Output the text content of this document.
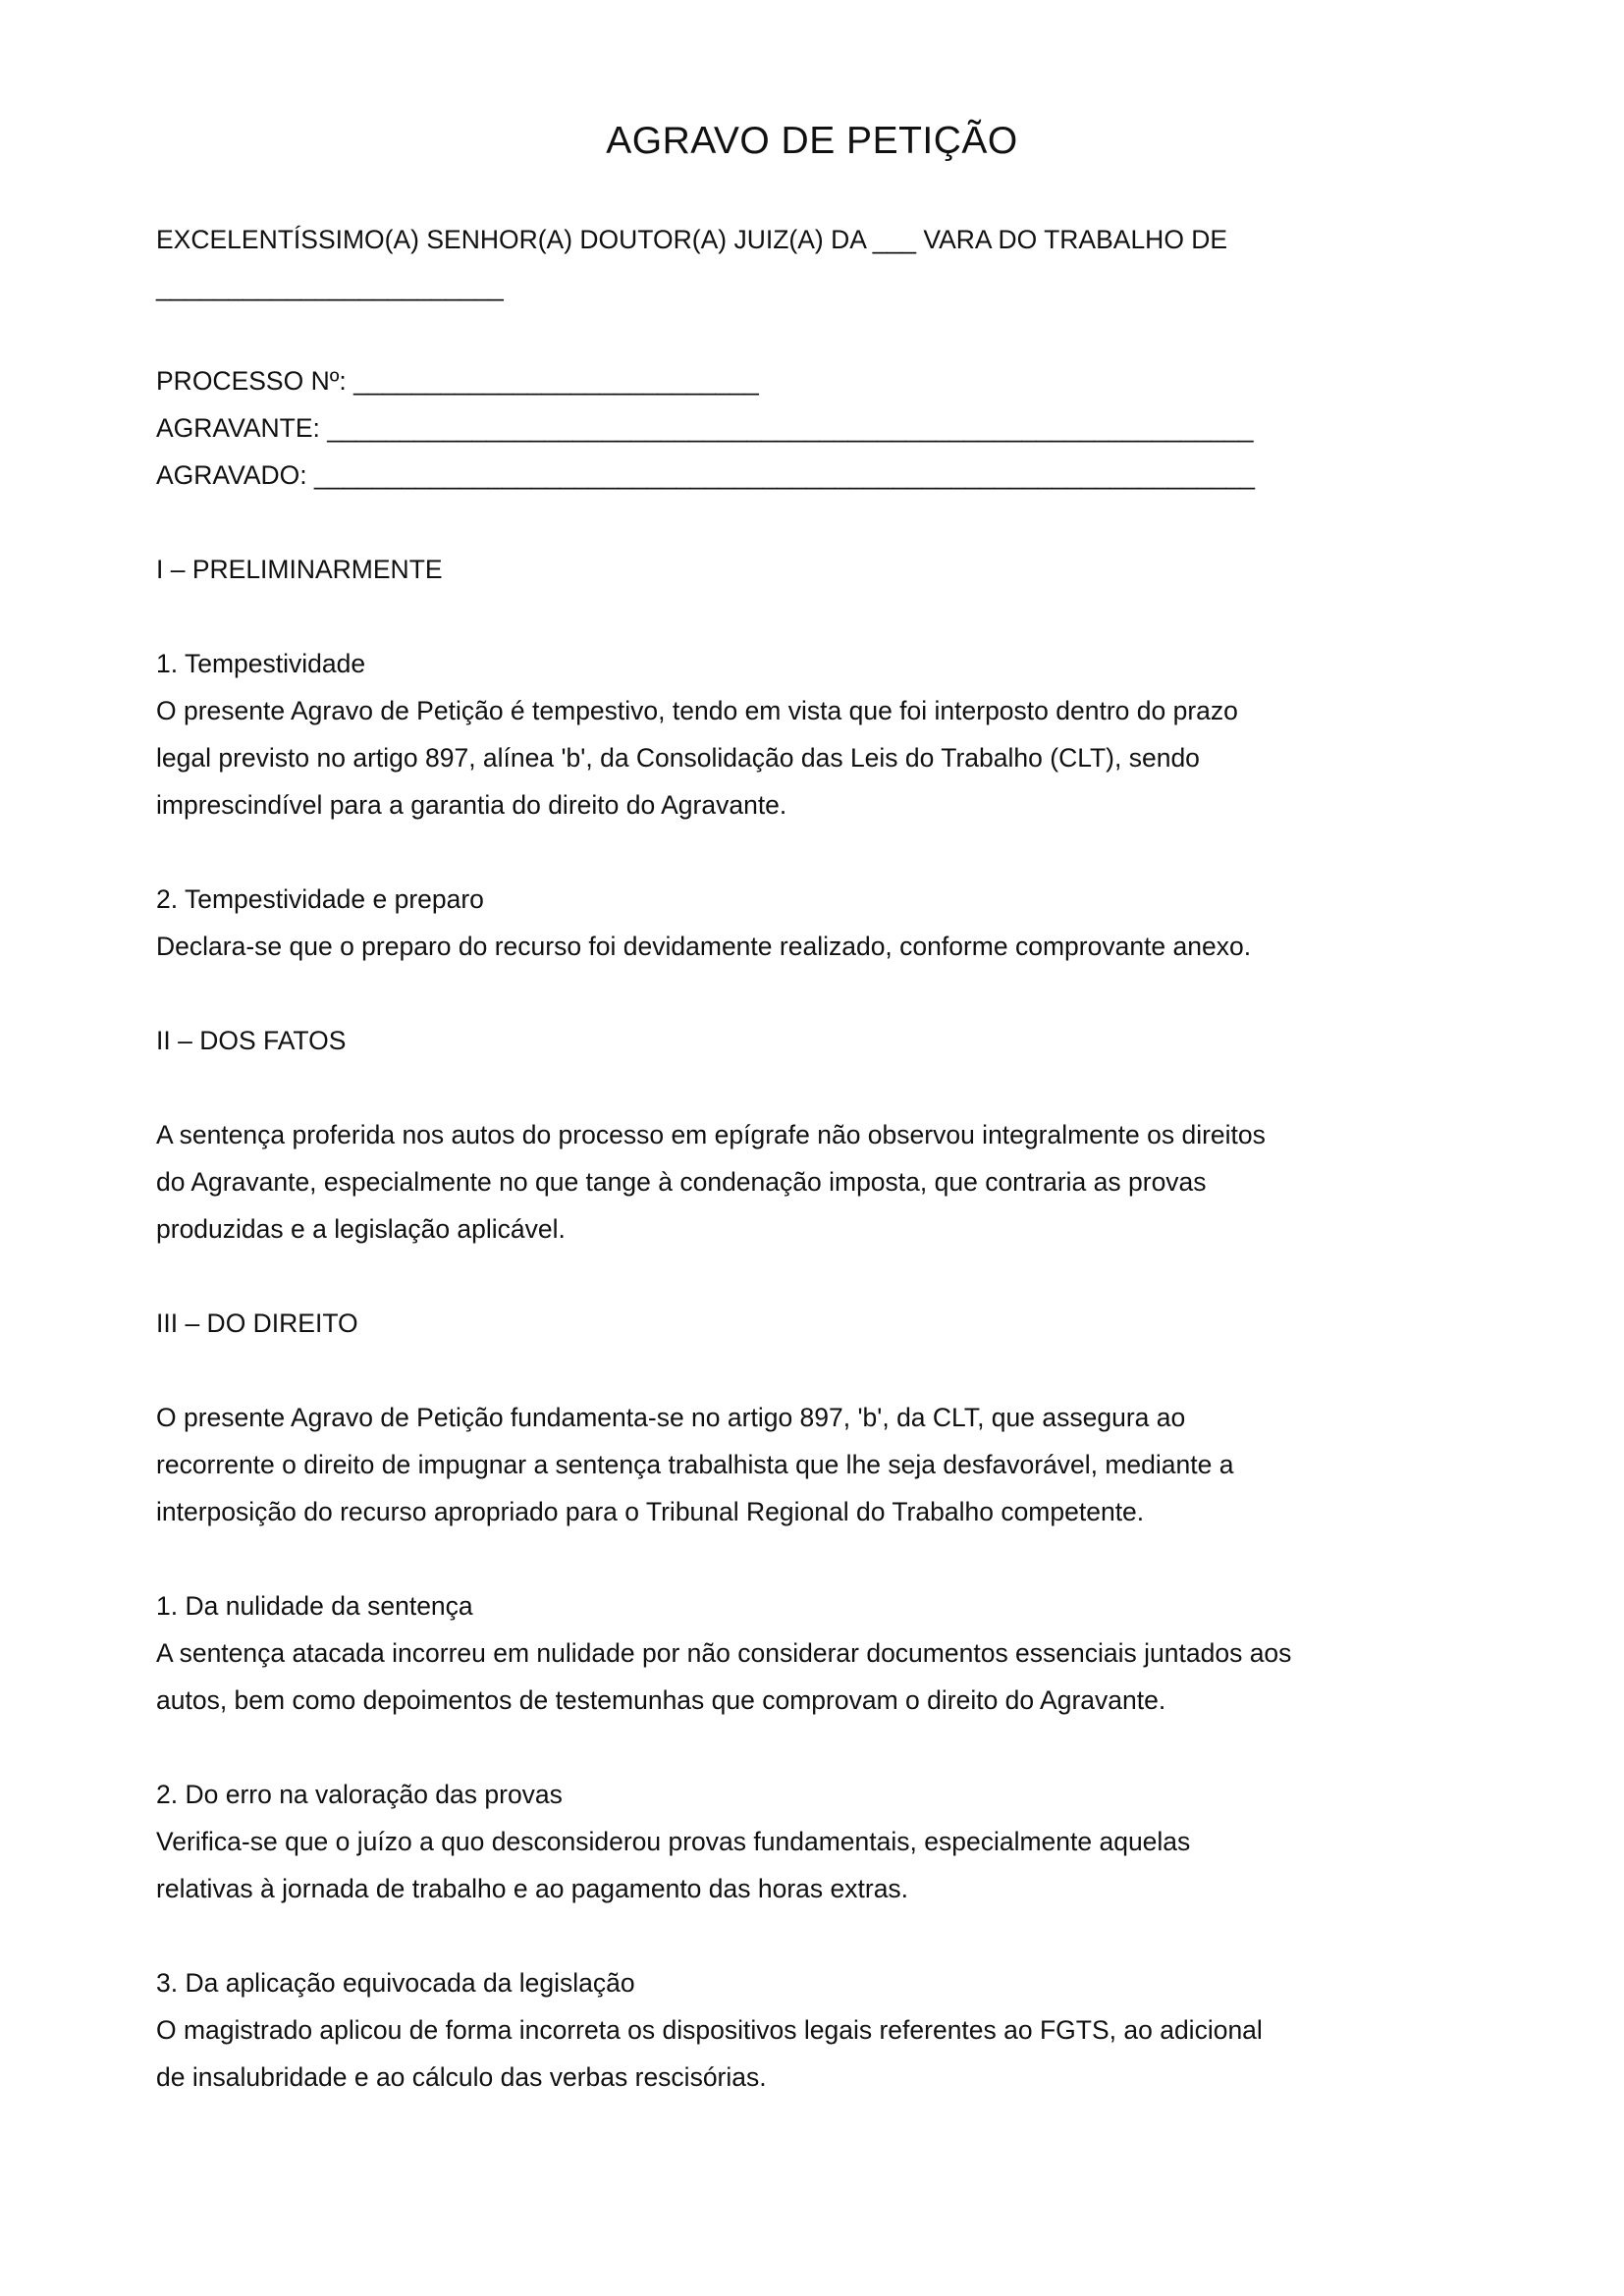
AGRAVO DE PETIÇÃO

EXCELENTÍSSIMO(A) SENHOR(A) DOUTOR(A) JUIZ(A) DA ___ VARA DO TRABALHO DE

________________________

PROCESSO Nº: ____________________________

AGRAVANTE: ________________________________________________________________

AGRAVADO: _________________________________________________________________

I – PRELIMINARMENTE

1. Tempestividade

O presente Agravo de Petição é tempestivo, tendo em vista que foi interposto dentro do prazo

legal previsto no artigo 897, alínea 'b', da Consolidação das Leis do Trabalho (CLT), sendo

imprescindível para a garantia do direito do Agravante.

2. Tempestividade e preparo

Declara-se que o preparo do recurso foi devidamente realizado, conforme comprovante anexo.

II – DOS FATOS

A sentença proferida nos autos do processo em epígrafe não observou integralmente os direitos

do Agravante, especialmente no que tange à condenação imposta, que contraria as provas

produzidas e a legislação aplicável.

III – DO DIREITO

O presente Agravo de Petição fundamenta-se no artigo 897, 'b', da CLT, que assegura ao

recorrente o direito de impugnar a sentença trabalhista que lhe seja desfavorável, mediante a

interposição do recurso apropriado para o Tribunal Regional do Trabalho competente.

1. Da nulidade da sentença

A sentença atacada incorreu em nulidade por não considerar documentos essenciais juntados aos

autos, bem como depoimentos de testemunhas que comprovam o direito do Agravante.

2. Do erro na valoração das provas

Verifica-se que o juízo a quo desconsiderou provas fundamentais, especialmente aquelas

relativas à jornada de trabalho e ao pagamento das horas extras.

3. Da aplicação equivocada da legislação

O magistrado aplicou de forma incorreta os dispositivos legais referentes ao FGTS, ao adicional

de insalubridade e ao cálculo das verbas rescisórias.
